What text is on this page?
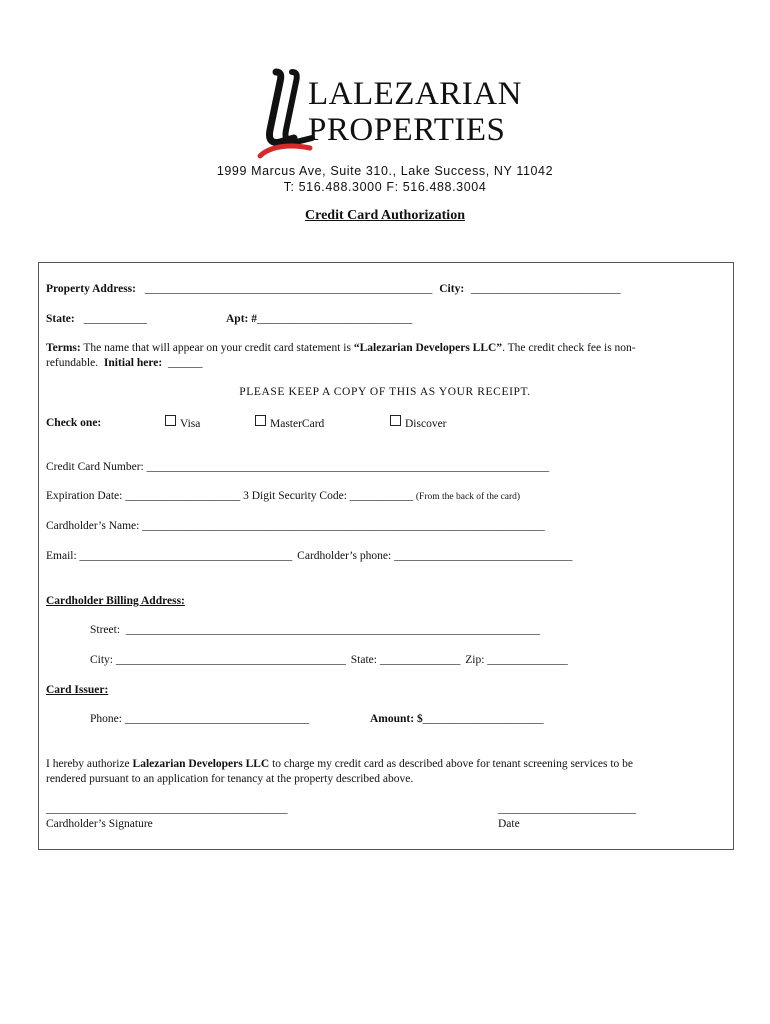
LALEZARIAN
PROPERTIES
1999 Marcus Ave, Suite 310., Lake Success, NY 11042
T: 516.488.3000 F: 516.488.3004
Credit Card Authorization
Property Address: __________________________________________________ City: __________________________
State: ___________	Apt: #___________________________
Terms: The name that will appear on your credit card statement is “Lalezarian Developers LLC”. The credit check fee is non-
refundable. Initial here: ______
PLEASE KEEP A COPY OF THIS AS YOUR RECEIPT.
Check one:	Visa	MasterCard	Discover
Credit Card Number: ______________________________________________________________________
Expiration Date: ____________________ 3 Digit Security Code: ___________ (From the back of the card)
Cardholder’s Name: ______________________________________________________________________
Email: _____________________________________ Cardholder’s phone: _______________________________
Cardholder Billing Address:
Street: ________________________________________________________________________
City: ________________________________________ State: ______________ Zip: ______________
Card Issuer:
Phone: ________________________________	Amount: $_____________________
I hereby authorize Lalezarian Developers LLC to charge my credit card as described above for tenant screening services to be
rendered pursuant to an application for tenancy at the property described above.
__________________________________________
Cardholder’s Signature
________________________
Date
